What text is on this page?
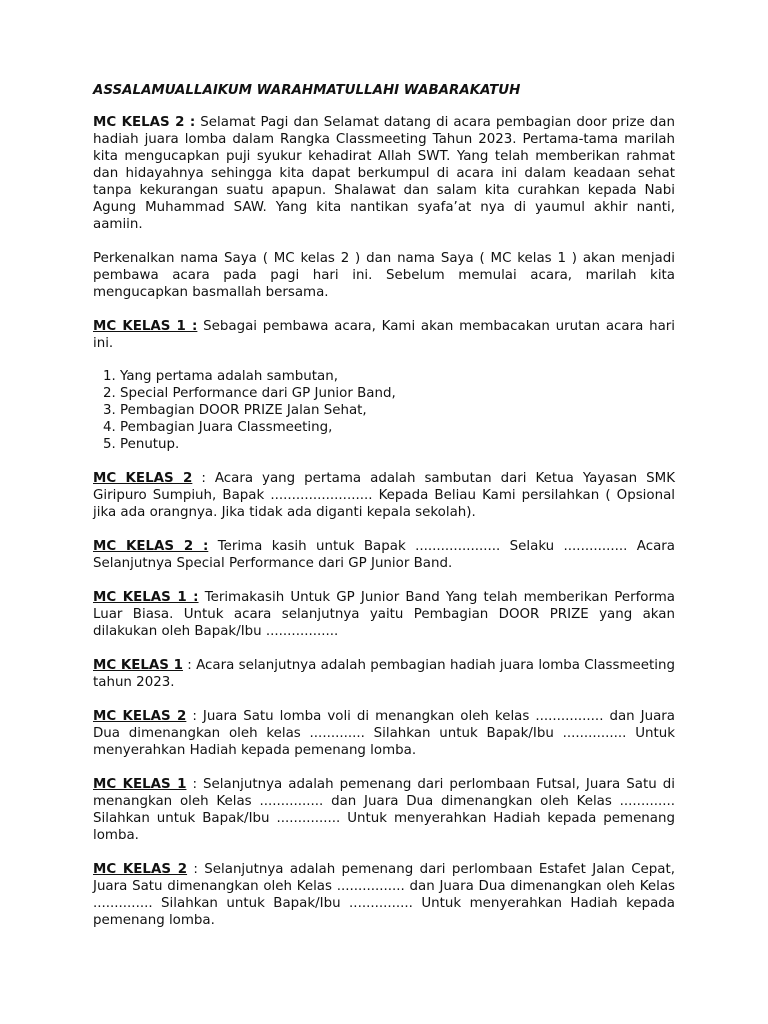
ASSALAMUALLAIKUM WARAHMATULLAHI WABARAKATUH

MC KELAS 2 : Selamat Pagi dan Selamat datang di acara pembagian door prize dan hadiah juara lomba dalam Rangka Classmeeting Tahun 2023. Pertama-tama marilah kita mengucapkan puji syukur kehadirat Allah SWT. Yang telah memberikan rahmat dan hidayahnya sehingga kita dapat berkumpul di acara ini dalam keadaan sehat tanpa kekurangan suatu apapun. Shalawat dan salam kita curahkan kepada Nabi Agung Muhammad SAW. Yang kita nantikan syafa’at nya di yaumul akhir nanti, aamiin.

Perkenalkan nama Saya ( MC kelas 2 ) dan nama Saya ( MC kelas 1 ) akan menjadi pembawa acara pada pagi hari ini. Sebelum memulai acara, marilah kita mengucapkan basmallah bersama.

MC KELAS 1 : Sebagai pembawa acara, Kami akan membacakan urutan acara hari ini.

1. Yang pertama adalah sambutan,
2. Special Performance dari GP Junior Band,
3. Pembagian DOOR PRIZE Jalan Sehat,
4. Pembagian Juara Classmeeting,
5. Penutup.

MC KELAS 2 : Acara yang pertama adalah sambutan dari Ketua Yayasan SMK Giripuro Sumpiuh, Bapak ........................ Kepada Beliau Kami persilahkan ( Opsional jika ada orangnya. Jika tidak ada diganti kepala sekolah).

MC KELAS 2 : Terima kasih untuk Bapak .................... Selaku ............... Acara Selanjutnya Special Performance dari GP Junior Band.

MC KELAS 1 : Terimakasih Untuk GP Junior Band Yang telah memberikan Performa Luar Biasa. Untuk acara selanjutnya yaitu Pembagian DOOR PRIZE yang akan dilakukan oleh Bapak/Ibu .................

MC KELAS 1 : Acara selanjutnya adalah pembagian hadiah juara lomba Classmeeting tahun 2023.

MC KELAS 2 : Juara Satu lomba voli di menangkan oleh kelas ................ dan Juara Dua dimenangkan oleh kelas ............. Silahkan untuk Bapak/Ibu ............... Untuk menyerahkan Hadiah kepada pemenang lomba.

MC KELAS 1 : Selanjutnya adalah pemenang dari perlombaan Futsal, Juara Satu di menangkan oleh Kelas ............... dan Juara Dua dimenangkan oleh Kelas ............. Silahkan untuk Bapak/Ibu ............... Untuk menyerahkan Hadiah kepada pemenang lomba.

MC KELAS 2 : Selanjutnya adalah pemenang dari perlombaan Estafet Jalan Cepat, Juara Satu dimenangkan oleh Kelas ................ dan Juara Dua dimenangkan oleh Kelas .............. Silahkan untuk Bapak/Ibu ............... Untuk menyerahkan Hadiah kepada pemenang lomba.
